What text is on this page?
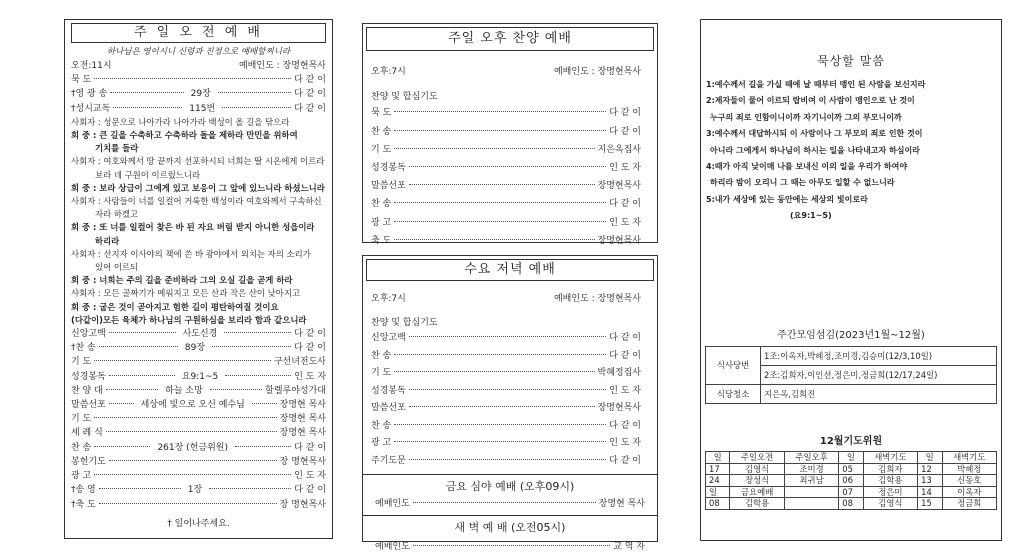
주 일 오 전 예 배
하나님은 영이시니 신령과 진정으로 예배할찌니라
오전:11시	예배인도 : 장명현목사
묵 도	다 같 이
†영 광 송	29장	다 같 이
†성시교독	115번	다 같 이
사회자 : 성문으로 나아가라 나아가라 백성이 올 길을 닦으라
회 중 : 큰 길을 수축하고 수축하라 돌을 제하라 만민을 위하여
기치를 들라
사회자 : 여호와께서 땅 끝까지 선포하시되 너희는 딸 시온에게 이르라
보라 네 구원이 이르렀느니라
회 중 : 보라 상급이 그에게 있고 보응이 그 앞에 있느니라 하셨느니라
사회자 : 사람들이 너를 일컬어 거룩한 백성이라 여호와께서 구속하신
자라 하겠고
회 중 : 또 너를 일컬어 찾은 바 된 자요 버림 받지 아니한 성읍이라
하리라
사회자 : 선지자 이사야의 책에 쓴 바 광야에서 외치는 자의 소리가
있어 이르되
회 중 : 너희는 주의 길을 준비하라 그의 오실 길을 곧게 하라
사회자 : 모든 골짜기가 메워지고 모든 산과 작은 산이 낮아지고
회 중 : 굽은 것이 곧아지고 험한 길이 평탄하여질 것이요
(다같이)모든 육체가 하나님의 구원하심을 보리라 함과 같으니라
신앙고백	사도신경	다 같 이
†찬 송	89장	다 같 이
기 도	구선녀전도사
성경봉독	요9:1~5	인 도 자
찬 양 대	하늘 소망	할렐루야성가대
말씀선포	세상에 빛으로 오신 예수님	장명현 목사
기 도	장명현 목사
세 례 식	장명현 목사
찬 송	261장 (헌금위원)	다 같 이
봉헌기도	장 명현목사
광 고	인 도 자
†송 영	1장	다 같 이
†축 도	장 명현목사
† 일어나주세요.
주일 오후 찬양 예배
오후:7시	예배인도 : 장명현목사
찬양 및 합심기도
묵 도	다 같 이
찬 송	다 같 이
기 도	지은옥집사
성경봉독	인 도 자
말씀선포	장명현목사
찬 송	다 같 이
광 고	인 도 자
축 도	장명현목사
수요 저녁 예배
오후:7시	예배인도 : 장명현목사
찬양 및 합심기도
신앙고백	다 같 이
찬 송	다 같 이
기 도	박혜정집사
성경봉독	인 도 자
말씀선포	장명현목사
찬 송	다 같 이
광 고	인 도 자
주기도문	다 같 이
금요 심야 예배 (오후09시)
예배인도	장명현 목사
새 벽 예 배 (오전05시)
예배인도	교 역 자
묵상할 말씀
1:예수께서 길을 가실 때에 날 때부터 맹인 된 사람을 보신지라
2:제자들이 물어 이르되 랍비여 이 사람이 맹인으로 난 것이
누구의 죄로 인함이니이까 자기니이까 그의 부모니이까
3:예수께서 대답하시되 이 사람이나 그 부모의 죄로 인한 것이
아니라 그에게서 하나님이 하시는 일을 나타내고자 하심이라
4:때가 아직 낮이매 나를 보내신 이의 일을 우리가 하여야
하리라 밤이 오리니 그 때는 아무도 일할 수 없느니라
5:내가 세상에 있는 동안에는 세상의 빛이로라
(요9:1~5)
주간모임섬김(2023년1월~12월)
식사당번	1조:이옥자,박혜정,조미경,김승미(12/3,10일)
	2조:김희자,이인선,정은미,정금희(12/17,24일)
식당청소	지은옥,김희진
12월기도위원
일	주일오전	주일오후	일	새벽기도	일	새벽기도
17	김영식	조미경	05	김희자	12	박혜정
24	장성식	최귀남	06	김학용	13	신동호
일	금요예배		07	정은미	14	이옥자
08	김학용		08	김영식	15	정금희
